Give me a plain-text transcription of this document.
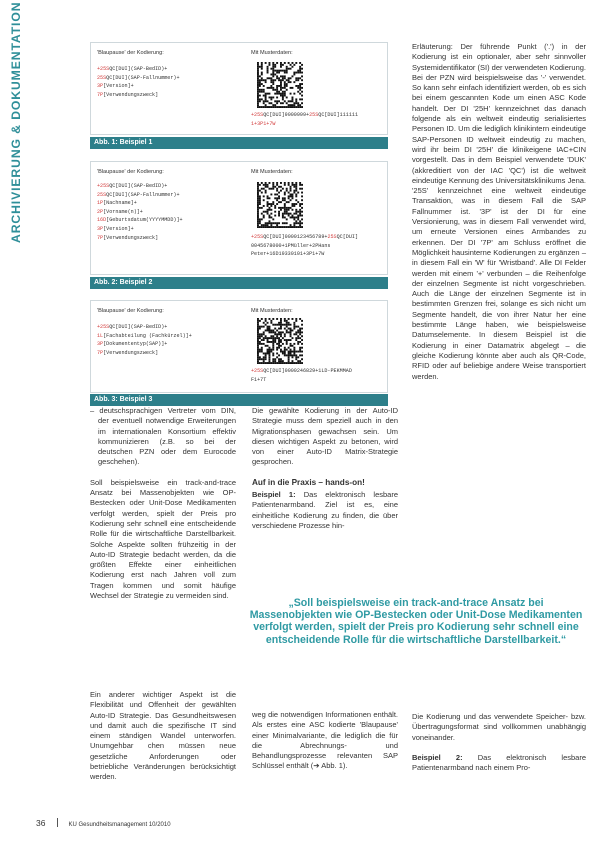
ARCHIVIERUNG & DOKUMENTATION	'Blaupause' der Kodierung:	Mit Musterdaten:
+25SQC[DUI](SAP-BedID)+
25SQC[DUI](SAP-Fallnummer)+
3P[Version]+
7P[Verwendungszweck]
+25SQC[DUI]9000999+25SQC[DUI]111111
1+3P1+7W
Abb. 1: Beispiel 1
'Blaupause' der Kodierung:	Mit Musterdaten:
+25SQC[DUI](SAP-BedID)+
25SQC[DUI](SAP-Fallnummer)+
1P[Nachname]+
2P[Vorname(n)]+
16D[Geburtsdatum(YYYYMMDD)]+
3P[Version]+
7P[Verwendungszweck]	+25SQC[DUI]0000123456789+25SQC[DUI]
0045678000+1PMüller+2PHans
Peter+16D19330101+3P1+7W
Abb. 2: Beispiel 2
'Blaupause' der Kodierung:	Mit Musterdaten:
+25SQC[DUI](SAP-BedID)+
1L[Fachabteilung (Fachkürzel)]+
3P[Dokumententyp(SAP)]+
7P[Verwendungszweck]
+25SQC[DUI]0000246829+1LD-PEKMMAD
F1+7T
Abb. 3: Beispiel 3

– deutschsprachigen Vertreter vom DIN, der eventuell notwendige Erweiterungen im internationalen Konsortium effektiv kommunizieren (z.B. so bei der deutschen PZN oder dem Eurocode geschehen).

Soll beispielsweise ein track-and-trace Ansatz bei Massenobjekten wie OP-Bestecken oder Unit-Dose Medikamenten verfolgt werden, spielt der Preis pro Kodierung sehr schnell eine entscheidende Rolle für die wirtschaftliche Darstellbarkeit. Solche Aspekte sollten frühzeitig in der Auto-ID Strategie bedacht werden, da die größten Effekte einer einheitlichen Kodierung erst nach Jahren voll zum Tragen kommen und somit häufige Wechsel der Strategie zu vermeiden sind.

Ein anderer wichtiger Aspekt ist die Flexibilität und Offenheit der gewählten Auto-ID Strategie. Das Gesundheitswesen und damit auch die spezifische IT sind einem ständigen Wandel unterworfen. Unumgehbar chen müssen neue gesetzliche Anforderungen oder betriebliche Veränderungen berücksichtigt werden.

Die gewählte Kodierung in der Auto-ID Strategie muss dem speziell auch in den Migrationsphasen gewachsen sein. Um diesen wichtigen Aspekt zu betonen, wird von einer Auto-ID Matrix-Strategie gesprochen.

Auf in die Praxis – hands-on!

Beispiel 1: Das elektronisch lesbare Patientenarmband. Ziel ist es, eine einheitliche Kodierung zu finden, die über verschiedene Prozesse hin-

weg die notwendigen Informationen enthält. Als erstes eine ASC kodierte 'Blaupause' einer Minimalvariante, die lediglich die für die Abrechnungs- und Behandlungsprozesse relevanten SAP Schlüssel enthält (➔ Abb. 1).

Erläuterung: Der führende Punkt ('.') in der Kodierung ist ein optionaler, aber sehr sinnvoller Systemidentifikator (SI) der verwendeten Kodierung. Bei der PZN wird beispielsweise das '-' verwendet. So kann sehr einfach identifiziert werden, ob es sich bei einem gescannten Kode um einen ASC Kode handelt. Der DI '25H' kennzeichnet das danach folgende als ein weltweit eindeutig serialisiertes Personen ID. Um die lediglich klinikintern eindeutige SAP-Personen ID weltweit eindeutig zu machen, wird ihr beim DI '25H' die klinikeigene IAC+CIN vorgestellt. Das in dem Beispiel verwendete 'DUK' (akkreditiert von der IAC 'QC') ist die weltweit eindeutige Kennung des Universitätsklinikums Jena. '25S' kennzeichnet eine weltweit eindeutige Transaktion, was in diesem Fall die SAP Fallnummer ist. '3P' ist der DI für eine Versionierung, was in diesem Fall verwendet wird, um erneute Versionen eines Armbandes zu erkennen. Der DI '7P' am Schluss eröffnet die Möglichkeit hausinterne Kodierungen zu ergänzen – in diesem Fall ein 'W' für 'Wristband'. Alle DI Felder werden mit einem '+' verbunden – die Reihenfolge der einzelnen Segmente ist nicht vorgeschrieben. Auch die Länge der einzelnen Segmente ist in bestimmten Grenzen frei, solange es sich nicht um Segmente handelt, die von ihrer Natur her eine bestimmte Länge haben, wie beispielsweise Datumselemente. In diesem Beispiel ist die Kodierung in einer Datamatrix abgelegt – die gleiche Kodierung könnte aber auch als QR-Code, RFID oder auf beliebige andere Weise transportiert werden.

Die Kodierung und das verwendete Speicher- bzw. Übertragungsformat sind vollkommen unabhängig voneinander.

Beispiel 2: Das elektronisch lesbare Patientenarmband nach einem Pro-

„Soll beispielsweise ein track-and-trace Ansatz bei Massenobjekten wie OP-Bestecken oder Unit-Dose Medikamenten verfolgt werden, spielt der Preis pro Kodierung sehr schnell eine entscheidende Rolle für die wirtschaftliche Darstellbarkeit.“
36	KU Gesundheitsmanagement 10/2010
